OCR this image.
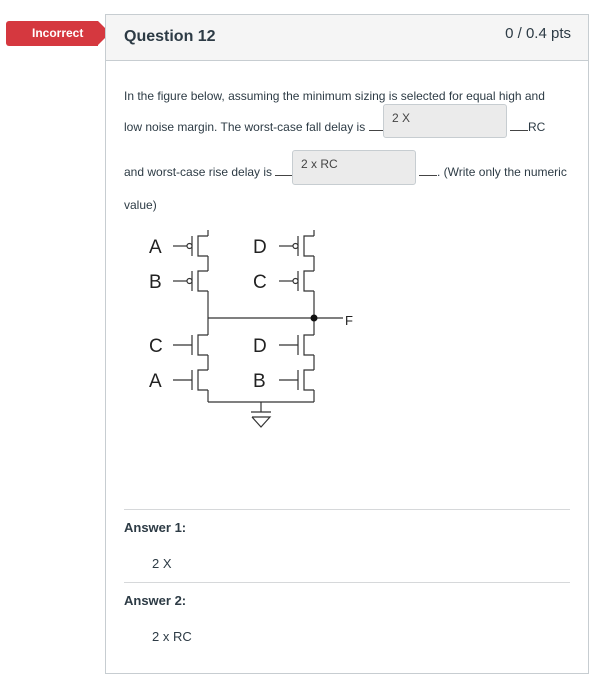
Incorrect	Question 12	0 / 0.4 pts
In the figure below, assuming the minimum sizing is selected for equal high and
low noise margin. The worst-case fall delay is
2 X
RC
and worst-case rise delay is
2 x RC
. (Write only the numeric
value)
A
B
D
C
C
A
D
B
F
Answer 1:
2 X
Answer 2:
2 x RC
